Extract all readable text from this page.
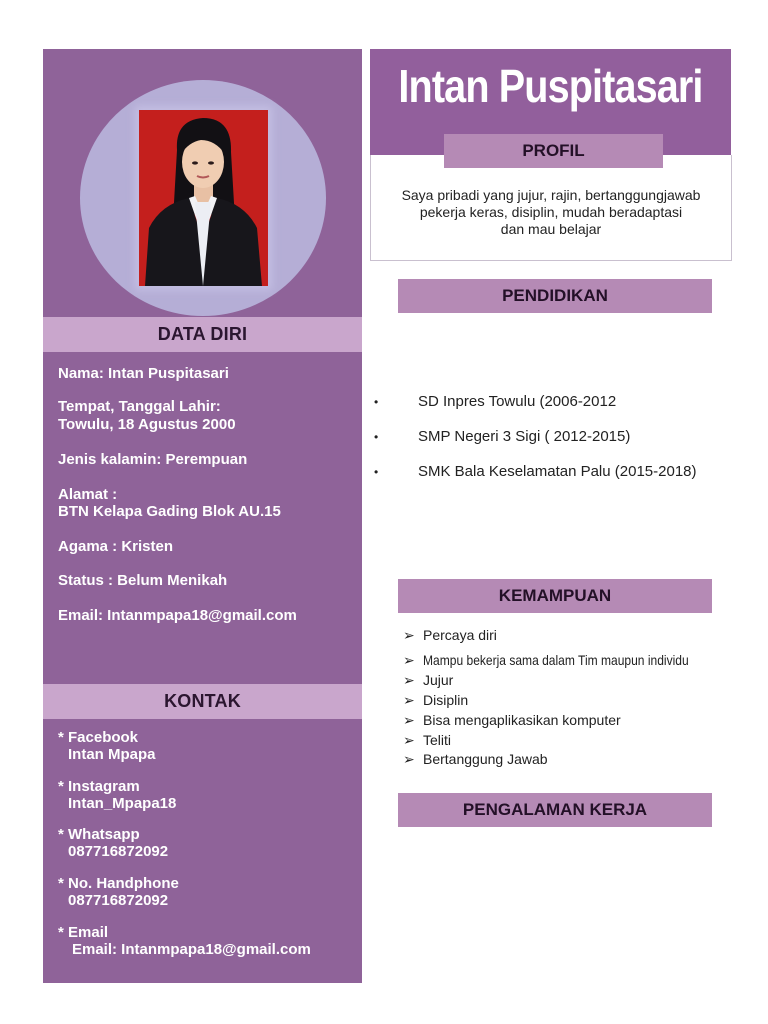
DATA DIRI
Nama: Intan Puspitasari
Tempat, Tanggal Lahir:
Towulu, 18 Agustus 2000
Jenis kalamin: Perempuan
Alamat :
BTN Kelapa Gading Blok AU.15
Agama : Kristen
Status : Belum Menikah
Email: Intanmpapa18@gmail.com
KONTAK
* Facebook
Intan Mpapa
* Instagram
Intan_Mpapa18
* Whatsapp
087716872092
* No. Handphone
087716872092
* Email
Email: Intanmpapa18@gmail.com
Intan Puspitasari
PROFIL
Saya pribadi yang jujur, rajin, bertanggungjawab
pekerja keras, disiplin, mudah beradaptasi
dan mau belajar
PENDIDIKAN
•	SD Inpres Towulu (2006-2012
•	SMP Negeri 3 Sigi ( 2012-2015)
•	SMK Bala Keselamatan Palu (2015-2018)
KEMAMPUAN
➢ Percaya diri
➢ Mampu bekerja sama dalam Tim maupun individu
➢ Jujur
➢ Disiplin
➢ Bisa mengaplikasikan komputer
➢ Teliti
➢ Bertanggung Jawab
PENGALAMAN KERJA
